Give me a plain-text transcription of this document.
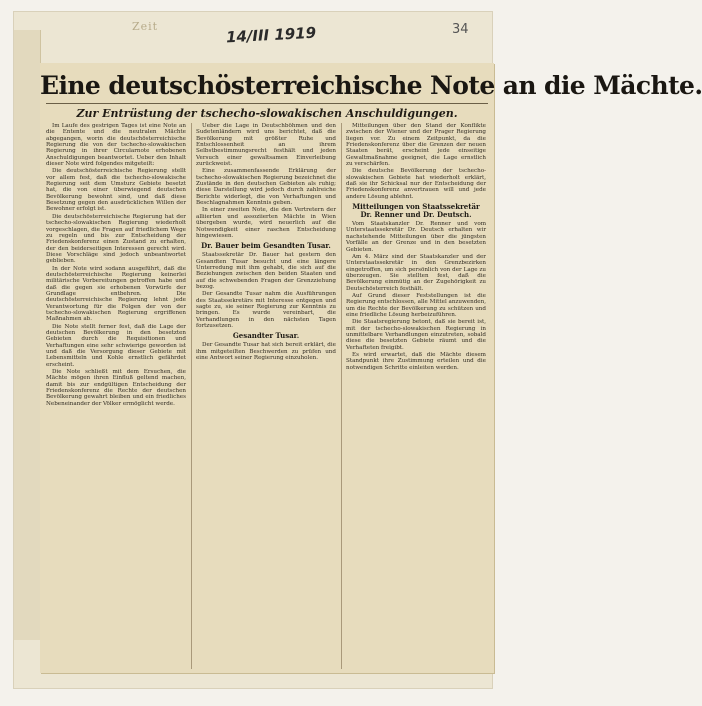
Zeit	14/III 1919	34
Eine deutschösterreichische Note an die Mächte.
Zur Entrüstung der tschecho-slowakischen Anschuldigungen.

Im Laufe des gestrigen Tages ist eine Note an die Entente und die neutralen Mächte abgegangen, worin die deutschösterreichische Regierung die von der tschecho-slowakischen Regierung in ihrer Circularnote erhobenen Anschuldigungen beantwortet. Ueber den Inhalt dieser Note wird folgendes mitgeteilt:

Die deutschösterreichische Regierung stellt vor allem fest, daß die tschecho-slowakische Regierung seit dem Umsturz Gebiete besetzt hat, die von einer überwiegend deutschen Bevölkerung bewohnt sind, und daß diese Besetzung gegen den ausdrücklichen Willen der Bewohner erfolgt ist.

Die deutschösterreichische Regierung hat der tschecho-slowakischen Regierung wiederholt vorgeschlagen, die Fragen auf friedlichem Wege zu regeln und bis zur Entscheidung der Friedenskonferenz einen Zustand zu erhalten, der den beiderseitigen Interessen gerecht wird. Diese Vorschläge sind jedoch unbeantwortet geblieben.

In der Note wird sodann ausgeführt, daß die deutschösterreichische Regierung keinerlei militärische Vorbereitungen getroffen habe und daß die gegen sie erhobenen Vorwürfe der Grundlage entbehren. Die deutschösterreichische Regierung lehnt jede Verantwortung für die Folgen der von der tschecho-slowakischen Regierung ergriffenen Maßnahmen ab.

Die Note stellt ferner fest, daß die Lage der deutschen Bevölkerung in den besetzten Gebieten durch die Requisitionen und Verhaftungen eine sehr schwierige geworden ist und daß die Versorgung dieser Gebiete mit Lebensmitteln und Kohle ernstlich gefährdet erscheint.

Die Note schließt mit dem Ersuchen, die Mächte mögen ihren Einfluß geltend machen, damit bis zur endgültigen Entscheidung der Friedenskonferenz die Rechte der deutschen Bevölkerung gewahrt bleiben und ein friedliches Nebeneinander der Völker ermöglicht werde.

Ueber die Lage in Deutschböhmen und den Sudetenländern wird uns berichtet, daß die Bevölkerung mit größter Ruhe und Entschlossenheit an ihrem Selbstbestimmungsrecht festhält und jeden Versuch einer gewaltsamen Einverleibung zurückweist.

Eine zusammenfassende Erklärung der tschecho-slowakischen Regierung bezeichnet die Zustände in den deutschen Gebieten als ruhig; diese Darstellung wird jedoch durch zahlreiche Berichte widerlegt, die von Verhaftungen und Beschlagnahmen Kenntnis geben.

In einer zweiten Note, die den Vertretern der alliierten und assoziierten Mächte in Wien übergeben wurde, wird neuerlich auf die Notwendigkeit einer raschen Entscheidung hingewiesen.

Dr. Bauer beim Gesandten Tusar.

Staatssekretär Dr. Bauer hat gestern den Gesandten Tusar besucht und eine längere Unterredung mit ihm gehabt, die sich auf die Beziehungen zwischen den beiden Staaten und auf die schwebenden Fragen der Grenzziehung bezog.

Der Gesandte Tusar nahm die Ausführungen des Staatssekretärs mit Interesse entgegen und sagte zu, sie seiner Regierung zur Kenntnis zu bringen. Es wurde vereinbart, die Verhandlungen in den nächsten Tagen fortzusetzen.

Gesandter Tusar.

Der Gesandte Tusar hat sich bereit erklärt, die ihm mitgeteilten Beschwerden zu prüfen und eine Antwort seiner Regierung einzuholen.

Mitteilungen über den Stand der Konflikte zwischen der Wiener und der Prager Regierung liegen vor. Zu einem Zeitpunkt, da die Friedenskonferenz über die Grenzen der neuen Staaten berät, erscheint jede einseitige Gewaltmaßnahme geeignet, die Lage ernstlich zu verschärfen.

Die deutsche Bevölkerung der tschecho-slowakischen Gebiete hat wiederholt erklärt, daß sie ihr Schicksal nur der Entscheidung der Friedenskonferenz anvertrauen will und jede andere Lösung ablehnt.

Mitteilungen von Staatssekretär Dr. Renner und Dr. Deutsch.

Vom Staatskanzler Dr. Renner und vom Unterstaatssekretär Dr. Deutsch erhalten wir nachstehende Mitteilungen über die jüngsten Vorfälle an der Grenze und in den besetzten Gebieten.

Am 4. März sind der Staatskanzler und der Unterstaatssekretär in den Grenzbezirken eingetroffen, um sich persönlich von der Lage zu überzeugen. Sie stellten fest, daß die Bevölkerung einmütig an der Zugehörigkeit zu Deutschösterreich festhält.

Auf Grund dieser Feststellungen ist die Regierung entschlossen, alle Mittel anzuwenden, um die Rechte der Bevölkerung zu schützen und eine friedliche Lösung herbeizuführen.

Die Staatsregierung betont, daß sie bereit ist, mit der tschecho-slowakischen Regierung in unmittelbare Verhandlungen einzutreten, sobald diese die besetzten Gebiete räumt und die Verhafteten freigibt.

Es wird erwartet, daß die Mächte diesem Standpunkt ihre Zustimmung erteilen und die notwendigen Schritte einleiten werden.
